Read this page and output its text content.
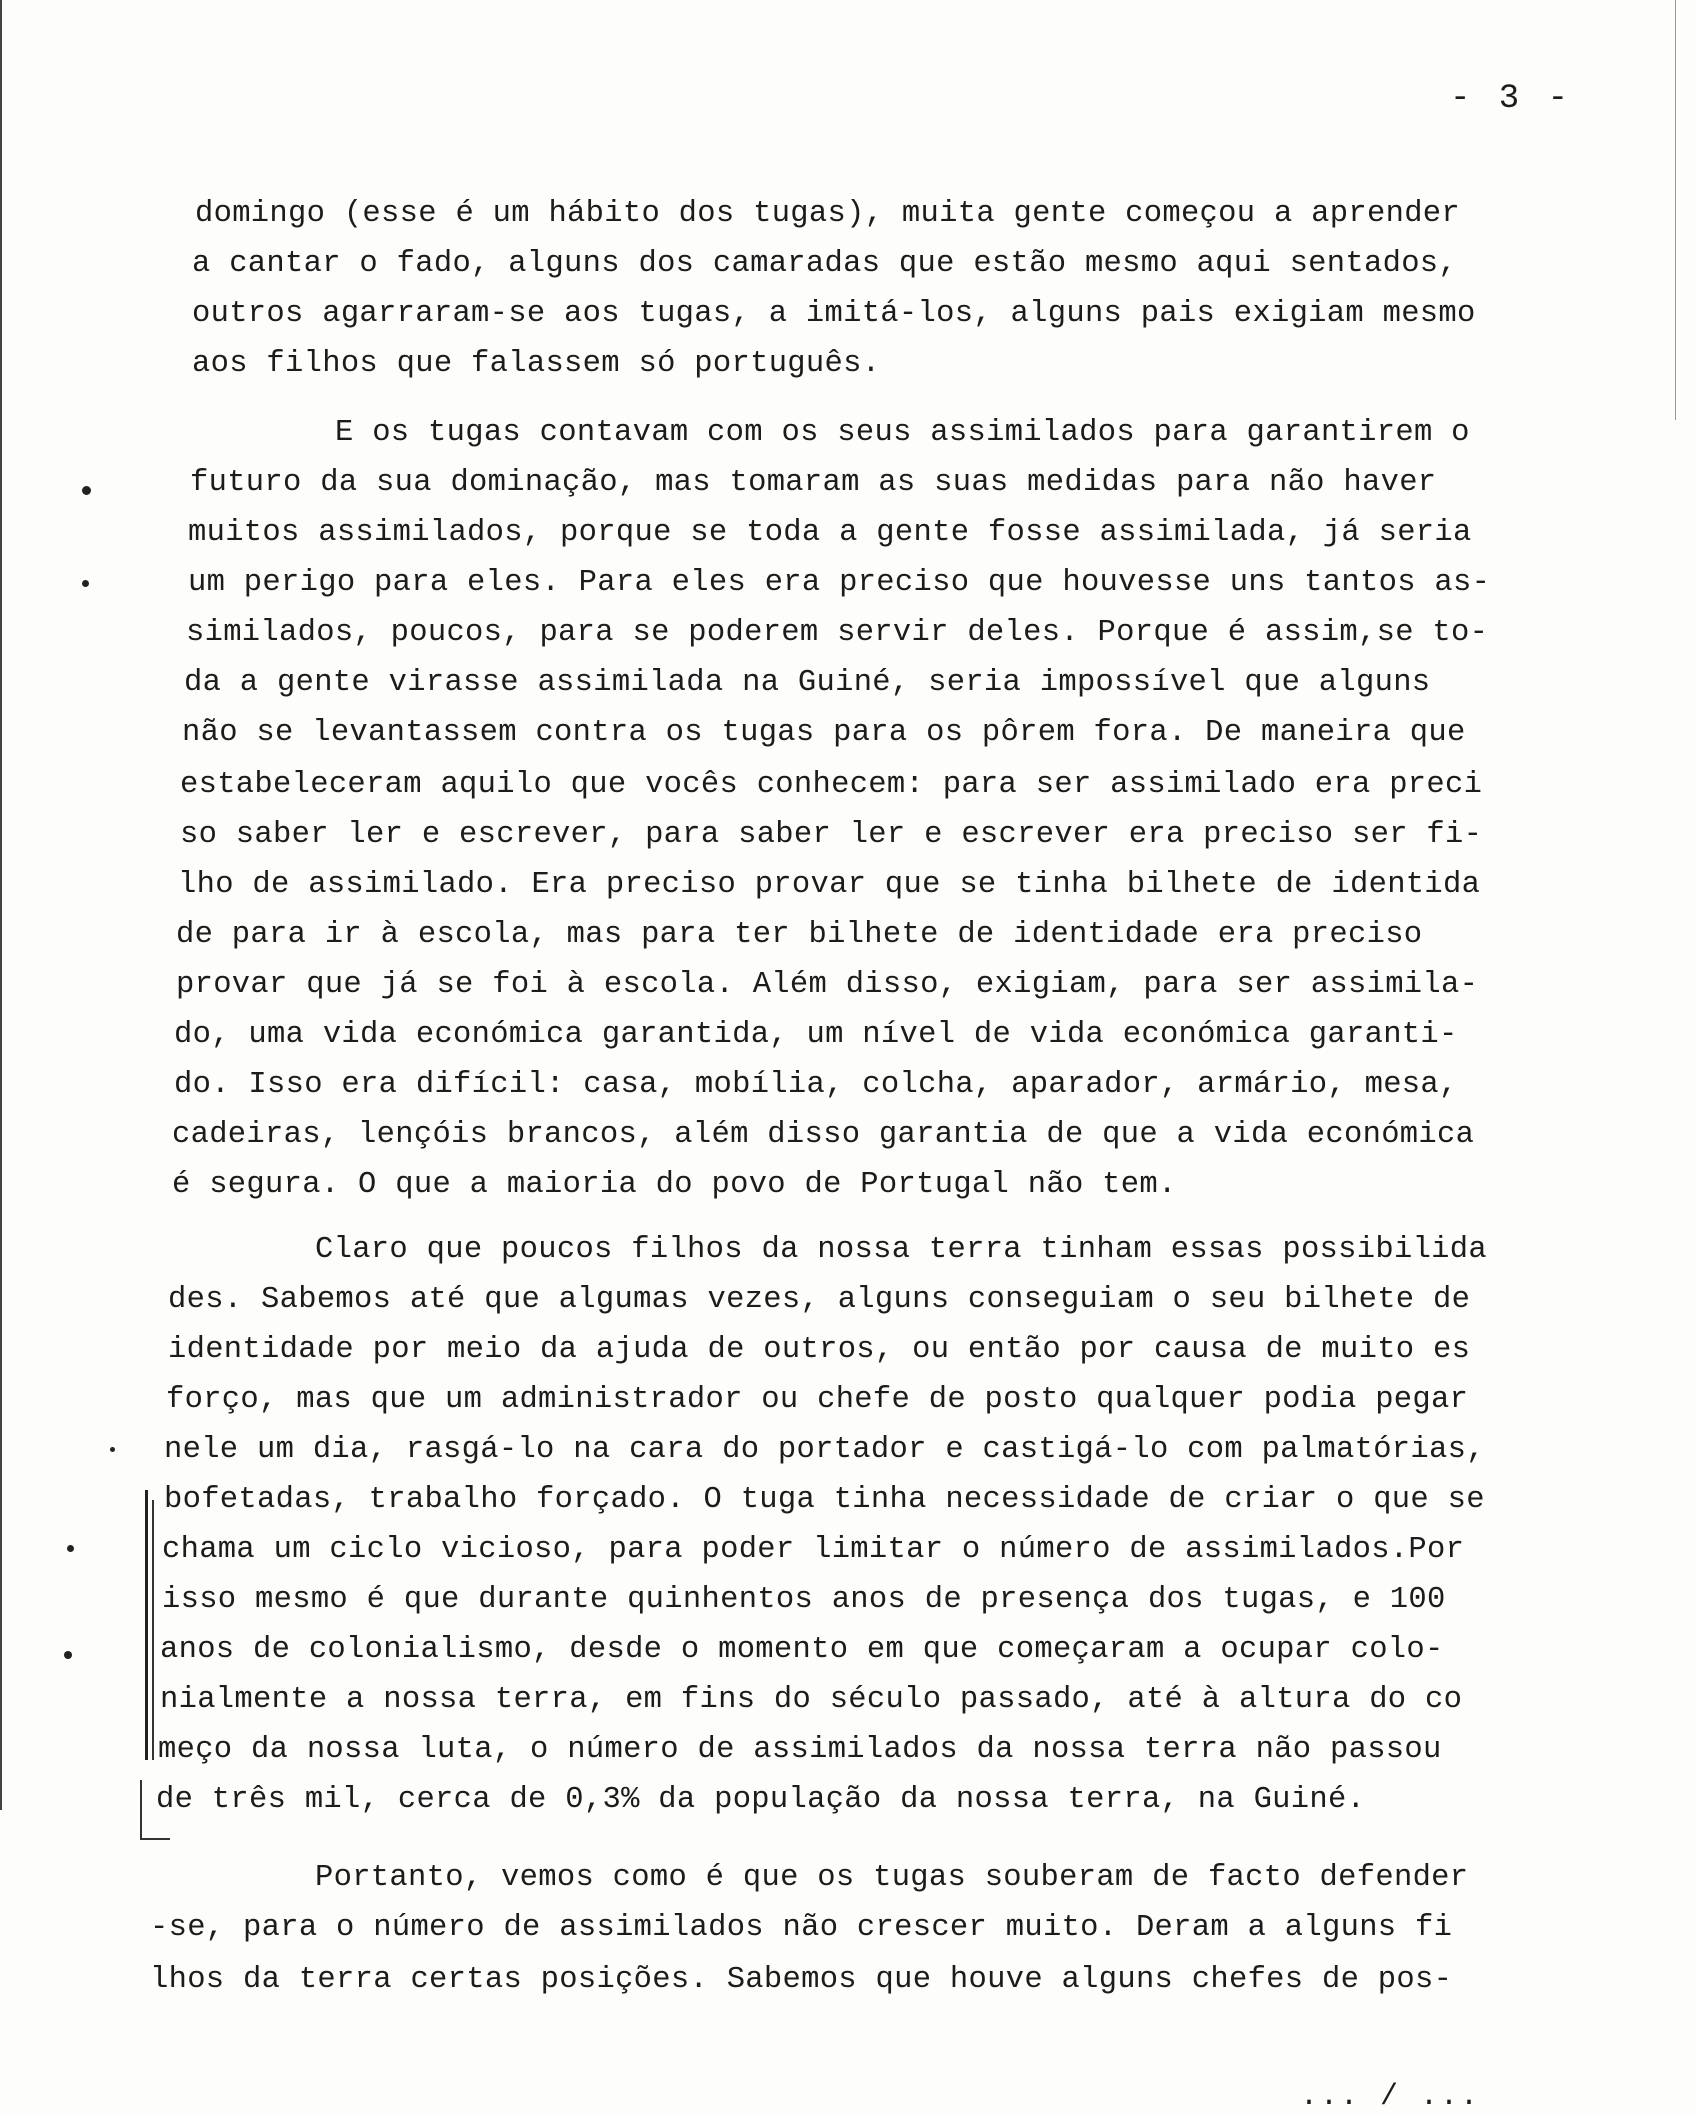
- 3 -
domingo (esse é um hábito dos tugas), muita gente começou a aprender
a cantar o fado, alguns dos camaradas que estão mesmo aqui sentados,
outros agarraram-se aos tugas, a imitá-los, alguns pais exigiam mesmo
aos filhos que falassem só português.
E os tugas contavam com os seus assimilados para garantirem o
futuro da sua dominação, mas tomaram as suas medidas para não haver
muitos assimilados, porque se toda a gente fosse assimilada, já seria
um perigo para eles. Para eles era preciso que houvesse uns tantos as-
similados, poucos, para se poderem servir deles. Porque é assim,se to-
da a gente virasse assimilada na Guiné, seria impossível que alguns
não se levantassem contra os tugas para os pôrem fora. De maneira que
estabeleceram aquilo que vocês conhecem: para ser assimilado era preci
so saber ler e escrever, para saber ler e escrever era preciso ser fi-
lho de assimilado. Era preciso provar que se tinha bilhete de identida
de para ir à escola, mas para ter bilhete de identidade era preciso
provar que já se foi à escola. Além disso, exigiam, para ser assimila-
do, uma vida económica garantida, um nível de vida económica garanti-
do. Isso era difícil: casa, mobília, colcha, aparador, armário, mesa,
cadeiras, lençóis brancos, além disso garantia de que a vida económica
é segura. O que a maioria do povo de Portugal não tem.
Claro que poucos filhos da nossa terra tinham essas possibilida
des. Sabemos até que algumas vezes, alguns conseguiam o seu bilhete de
identidade por meio da ajuda de outros, ou então por causa de muito es
forço, mas que um administrador ou chefe de posto qualquer podia pegar
nele um dia, rasgá-lo na cara do portador e castigá-lo com palmatórias,
bofetadas, trabalho forçado. O tuga tinha necessidade de criar o que se
chama um ciclo vicioso, para poder limitar o número de assimilados.Por
isso mesmo é que durante quinhentos anos de presença dos tugas, e 100
anos de colonialismo, desde o momento em que começaram a ocupar colo-
nialmente a nossa terra, em fins do século passado, até à altura do co
meço da nossa luta, o número de assimilados da nossa terra não passou
de três mil, cerca de 0,3% da população da nossa terra, na Guiné.
Portanto, vemos como é que os tugas souberam de facto defender
-se, para o número de assimilados não crescer muito. Deram a alguns fi
lhos da terra certas posições. Sabemos que houve alguns chefes de pos-
... / ...
